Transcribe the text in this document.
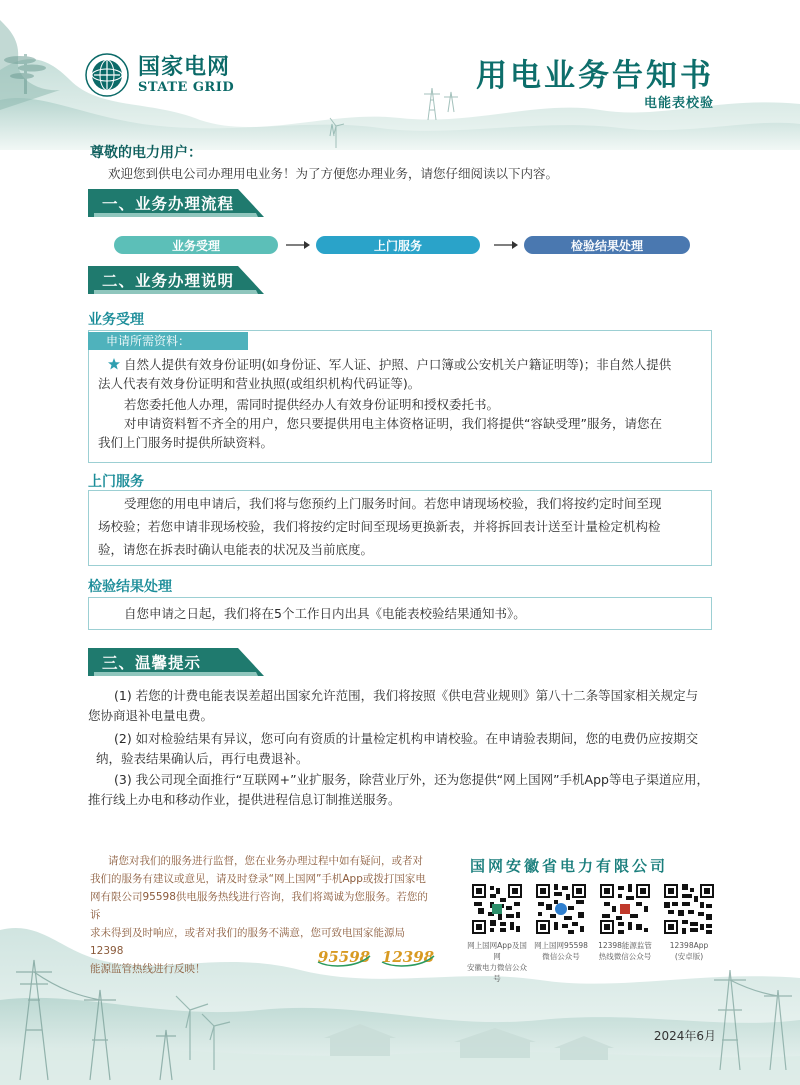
国家电网
STATE GRID	用电业务告知书
电能表校验
尊敬的电力用户：
欢迎您到供电公司办理用电业务！为了方便您办理业务，请您仔细阅读以下内容。
一、业务办理流程
业务受理	上门服务	检验结果处理
二、业务办理说明
业务受理
申请所需资料：
自然人提供有效身份证明(如身份证、军人证、护照、户口簿或公安机关户籍证明等)；非自然人提供
法人代表有效身份证明和营业执照(或组织机构代码证等)。
若您委托他人办理，需同时提供经办人有效身份证明和授权委托书。
对申请资料暂不齐全的用户，您只要提供用电主体资格证明，我们将提供“容缺受理”服务，请您在
我们上门服务时提供所缺资料。
上门服务
受理您的用电申请后，我们将与您预约上门服务时间。若您申请现场校验，我们将按约定时间至现
场校验；若您申请非现场校验，我们将按约定时间至现场更换新表，并将拆回表计送至计量检定机构检
验，请您在拆表时确认电能表的状况及当前底度。
检验结果处理
自您申请之日起，我们将在5个工作日内出具《电能表校验结果通知书》。
三、温馨提示

(1) 若您的计费电能表误差超出国家允许范围，我们将按照《供电营业规则》第八十二条等国家相关规定与

您协商退补电量电费。

(2) 如对检验结果有异议，您可向有资质的计量检定机构申请校验。在申请验表期间，您的电费仍应按期交

纳，验表结果确认后，再行电费退补。

(3) 我公司现全面推行“互联网+”业扩服务，除营业厅外，还为您提供“网上国网”手机App等电子渠道应用，

推行线上办电和移动作业，提供进程信息订制推送服务。

请您对我们的服务进行监督，您在业务办理过程中如有疑问，或者对
我们的服务有建议或意见，请及时登录“网上国网”手机App或拨打国家电
网有限公司95598供电服务热线进行咨询，我们将竭诚为您服务。若您的诉
求未得到及时响应，或者对我们的服务不满意，您可致电国家能源局12398
能源监管热线进行反映！
95598 12398
国网安徽省电力有限公司
网上国网App及国网
安徽电力微信公众号
网上国网95598
微信公众号
12398能源监管
热线微信公众号
12398App
(安卓版)
2024年6月
